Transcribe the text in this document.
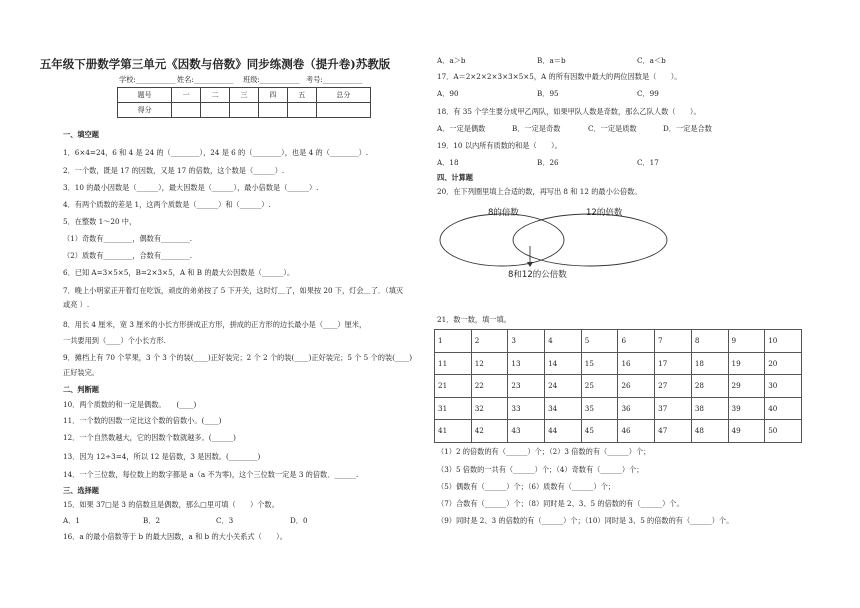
五年级下册数学第三单元《因数与倍数》同步练测卷（提升卷)苏教版
学校:___________ 姓名:___________ 班级:___________ 考号:___________
题号	一	二	三	四	五	总分
得分						
一、填空题
1．6×4=24，6 和 4 是 24 的（________），24 是 6 的（________），也是 4 的（________）.
2．一个数，既是 17 的因数，又是 17 的倍数，这个数是（______）.
3．10 的最小因数是（______），最大因数是（______），最小倍数是（______）.
4．有两个质数的差是 1，这两个质数是（______）和（______）.
5．在整数 1～20 中，
（1）奇数有________，偶数有________.
（2）质数有________，合数有________.
6．已知 A=3×5×5，B=2×3×5，A 和 B 的最大公因数是（______）。
7．晚上小明家正开着灯在吃饭，顽皮的弟弟按了 5 下开关，这时灯＿了，如果按 20 下，灯会＿了．（填灭
或亮 ）.
8．用长 4 厘米，宽 3 厘米的小长方形拼成正方形，拼成的正方形的边长最小是（____）厘米，
一共要用到（____）个小长方形.
9．摊档上有 70 个苹果，3 个 3 个的装(____)正好装完；2 个 2 个的装(____)正好装完；5 个 5 个的装(____)
正好装完。
二、判断题
10．两个质数的和一定是偶数。　　(____)
11．一个数的因数一定比这个数的倍数小。(____)
12．一个自然数越大，它的因数个数就越多。(______)
13．因为 12÷3=4，所以 12 是倍数，3 是因数。(________)
14．一个三位数，每位数上的数字都是 a（a 不为零)，这个三位数一定是 3 的倍数．______.
三、选择题
15．如果 37□是 3 的倍数且是偶数，那么□里可填（　　）个数。
A．1	B．2	C．3	D．0
16．a 的最小倍数等于 b 的最大因数，a 和 b 的大小关系式（　　）。
A．a＞b	B．a＝b	C．a＜b
17．A＝2×2×2×3×3×5×5，A 的所有因数中最大的两位因数是（　　）。
A．90	B．95	C．99
18．有 35 个学生要分成甲乙两队，如果甲队人数是奇数，那么乙队人数（　　）。
A．一定是偶数	B．一定是奇数	C．一定是质数	D．一定是合数
19．10 以内所有质数的和是（　　）。
A．18	B．26	C．17
四、计算题
20．在下列圈里填上合适的数，再写出 8 和 12 的最小公倍数。
8的倍数	12的倍数
8和12的公倍数
21．数一数，填一填。
1	2	3	4	5	6	7	8	9	10
11	12	13	14	15	16	17	18	19	20
21	22	23	24	25	26	27	28	29	30
31	32	33	34	35	36	37	38	39	40
41	42	43	44	45	46	47	48	49	50
（1）2 的倍数的有（______）个；（2）3 倍数的有（______）个；
（3）5 倍数的一共有（______）个；（4）奇数有（______）个；
（5）偶数有（______）个；（6）质数有（______）个；
（7）合数有（______）个；（8）同时是 2、3、5 的倍数的有（______）个。
（9）同时是 2、3 的倍数的有（______）个；（10）同时是 3、5 的倍数的有（______）个。
